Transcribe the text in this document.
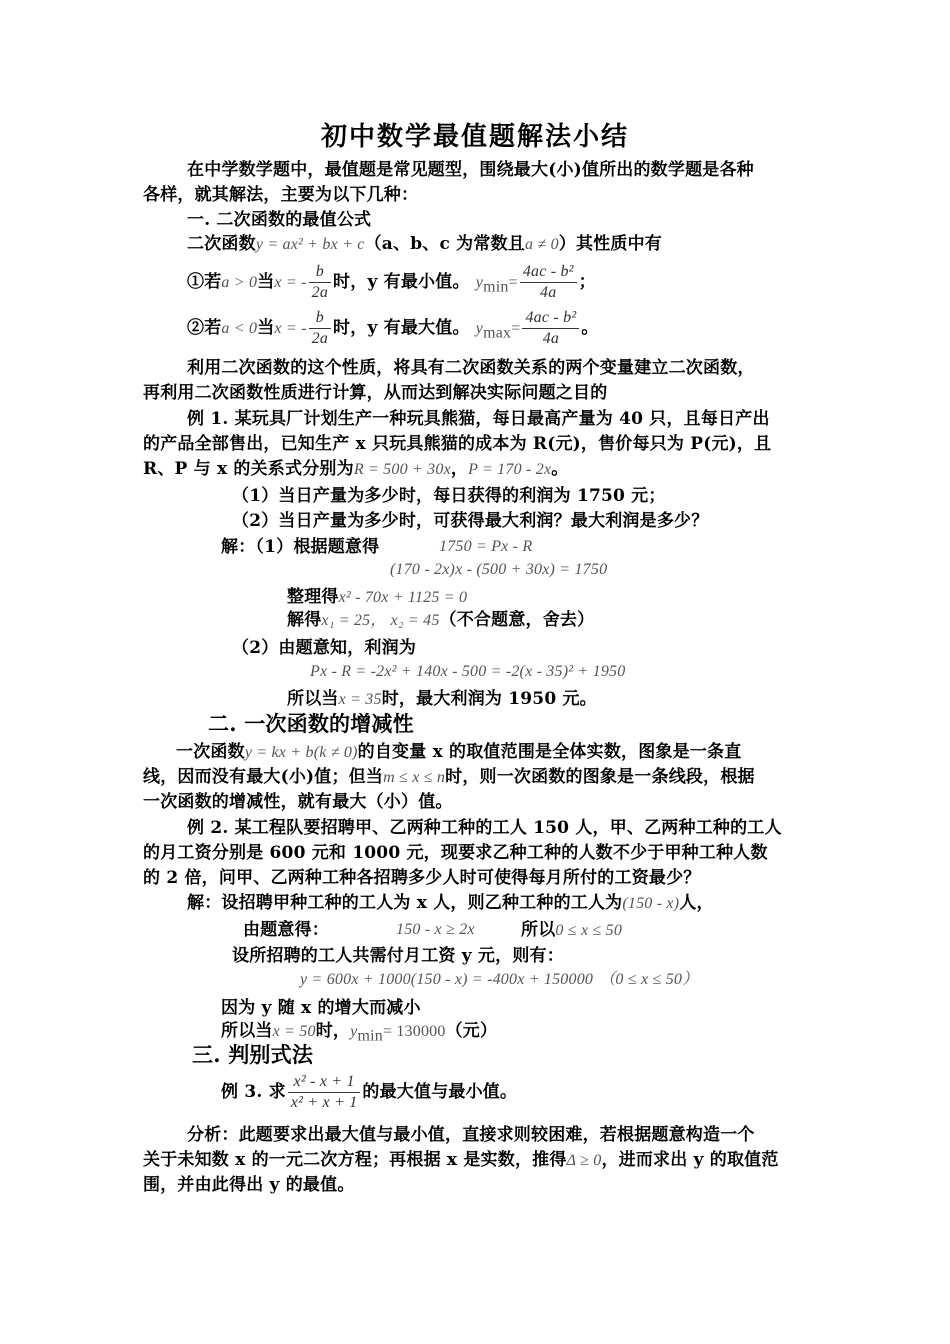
初中数学最值题解法小结
在中学数学题中，最值题是常见题型，围绕最大(小)值所出的数学题是各种
各样，就其解法，主要为以下几种：
一. 二次函数的最值公式
二次函数y = ax² + bx + c（a、b、c 为常数且a ≠ 0）其性质中有
①若a > 0当x = - $\frac{b}{2a}$ 时，y 有最小值。 $y_{min}= \frac{\text{4ac - b²}}{4a}$ ；
②若a < 0当x = - $\frac{b}{2a}$ 时，y 有最大值。 $y_{max}= \frac{\text{4ac - b²}}{4a}$ 。
利用二次函数的这个性质，将具有二次函数关系的两个变量建立二次函数，
再利用二次函数性质进行计算，从而达到解决实际问题之目的
例 1. 某玩具厂计划生产一种玩具熊猫，每日最高产量为 40 只，且每日产出
的产品全部售出，已知生产 x 只玩具熊猫的成本为 R(元)，售价每只为 P(元)，且
R、P 与 x 的关系式分别为R = 500 + 30x，P = 170 - 2x。
（1）当日产量为多少时，每日获得的利润为 1750 元；
（2）当日产量为多少时，可获得最大利润？最大利润是多少？
解：（1）根据题意得	1750 = Px - R
(170 - 2x)x - (500 + 30x) = 1750
整理得x² - 70x + 1125 = 0
解得x₁ = 25， x₂ = 45（不合题意，舍去）
（2）由题意知，利润为
Px - R = -2x² + 140x - 500 = -2(x - 35)² + 1950
所以当x = 35时，最大利润为 1950 元。
二. 一次函数的增减性
一次函数y = kx + b(k ≠ 0)的自变量 x 的取值范围是全体实数，图象是一条直
线，因而没有最大(小)值；但当m ≤ x ≤ n时，则一次函数的图象是一条线段，根据
一次函数的增减性，就有最大（小）值。
例 2. 某工程队要招聘甲、乙两种工种的工人 150 人，甲、乙两种工种的工人
的月工资分别是 600 元和 1000 元，现要求乙种工种的人数不少于甲种工种人数
的 2 倍，问甲、乙两种工种各招聘多少人时可使得每月所付的工资最少？
解：设招聘甲种工种的工人为 x 人，则乙种工种的工人为(150 - x)人，
由题意得：	150 - x ≥ 2x	所以0 ≤ x ≤ 50
设所招聘的工人共需付月工资 y 元，则有：
y = 600x + 1000(150 - x) = -400x + 150000 （0 ≤ x ≤ 50）
因为 y 随 x 的增大而减小
所以当x = 50时，$y_{min}= 130000$（元）
三. 判别式法
例 3. 求 $\frac{\text{x² - x + 1}}{\text{x² + x + 1}}$ 的最大值与最小值。
分析：此题要求出最大值与最小值，直接求则较困难，若根据题意构造一个
关于未知数 x 的一元二次方程；再根据 x 是实数，推得Δ ≥ 0，进而求出 y 的取值范
围，并由此得出 y 的最值。
